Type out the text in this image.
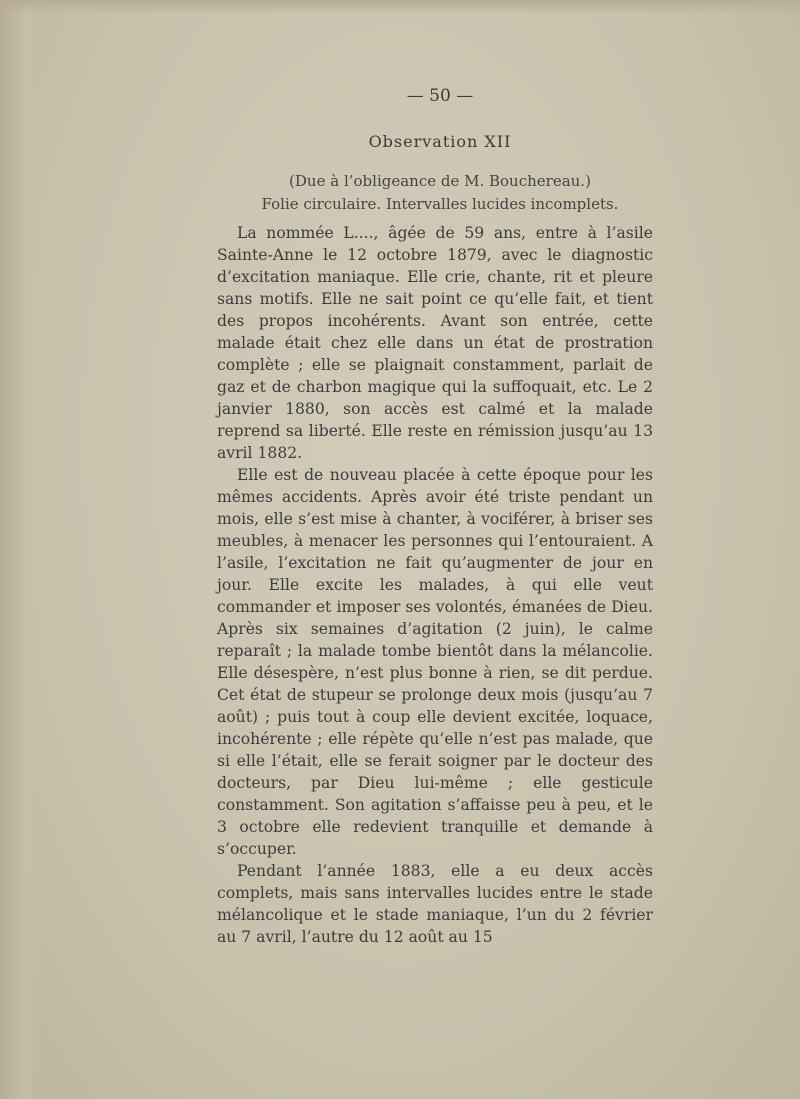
— 50 —
Observation XII
(Due à l’obligeance de M. Bouchereau.)
Folie circulaire. Intervalles lucides incomplets.

La nommée L...., âgée de 59 ans, entre à l’asile Sainte-Anne le 12 octobre 1879, avec le diagnostic d’excitation maniaque. Elle crie, chante, rit et pleure sans motifs. Elle ne sait point ce qu’elle fait, et tient des propos incohérents. Avant son entrée, cette malade était chez elle dans un état de prostration complète ; elle se plaignait constamment, parlait de gaz et de charbon magique qui la suffoquait, etc. Le 2 janvier 1880, son accès est calmé et la malade reprend sa liberté. Elle reste en rémission jusqu’au 13 avril 1882.

Elle est de nouveau placée à cette époque pour les mêmes accidents. Après avoir été triste pendant un mois, elle s’est mise à chanter, à vociférer, à briser ses meubles, à menacer les personnes qui l’entouraient. A l’asile, l’excitation ne fait qu’augmenter de jour en jour. Elle excite les malades, à qui elle veut commander et imposer ses volontés, émanées de Dieu. Après six semaines d’agitation (2 juin), le calme reparaît ; la malade tombe bientôt dans la mélancolie. Elle désespère, n’est plus bonne à rien, se dit perdue. Cet état de stupeur se prolonge deux mois (jusqu’au 7 août) ; puis tout à coup elle devient excitée, loquace, incohérente ; elle répète qu’elle n’est pas malade, que si elle l’était, elle se ferait soigner par le docteur des docteurs, par Dieu lui-même ; elle gesticule constamment. Son agitation s’affaisse peu à peu, et le 3 octobre elle redevient tranquille et demande à s’occuper.

Pendant l’année 1883, elle a eu deux accès complets, mais sans intervalles lucides entre le stade mélancolique et le stade maniaque, l’un du 2 février au 7 avril, l’autre du 12 août au 15
